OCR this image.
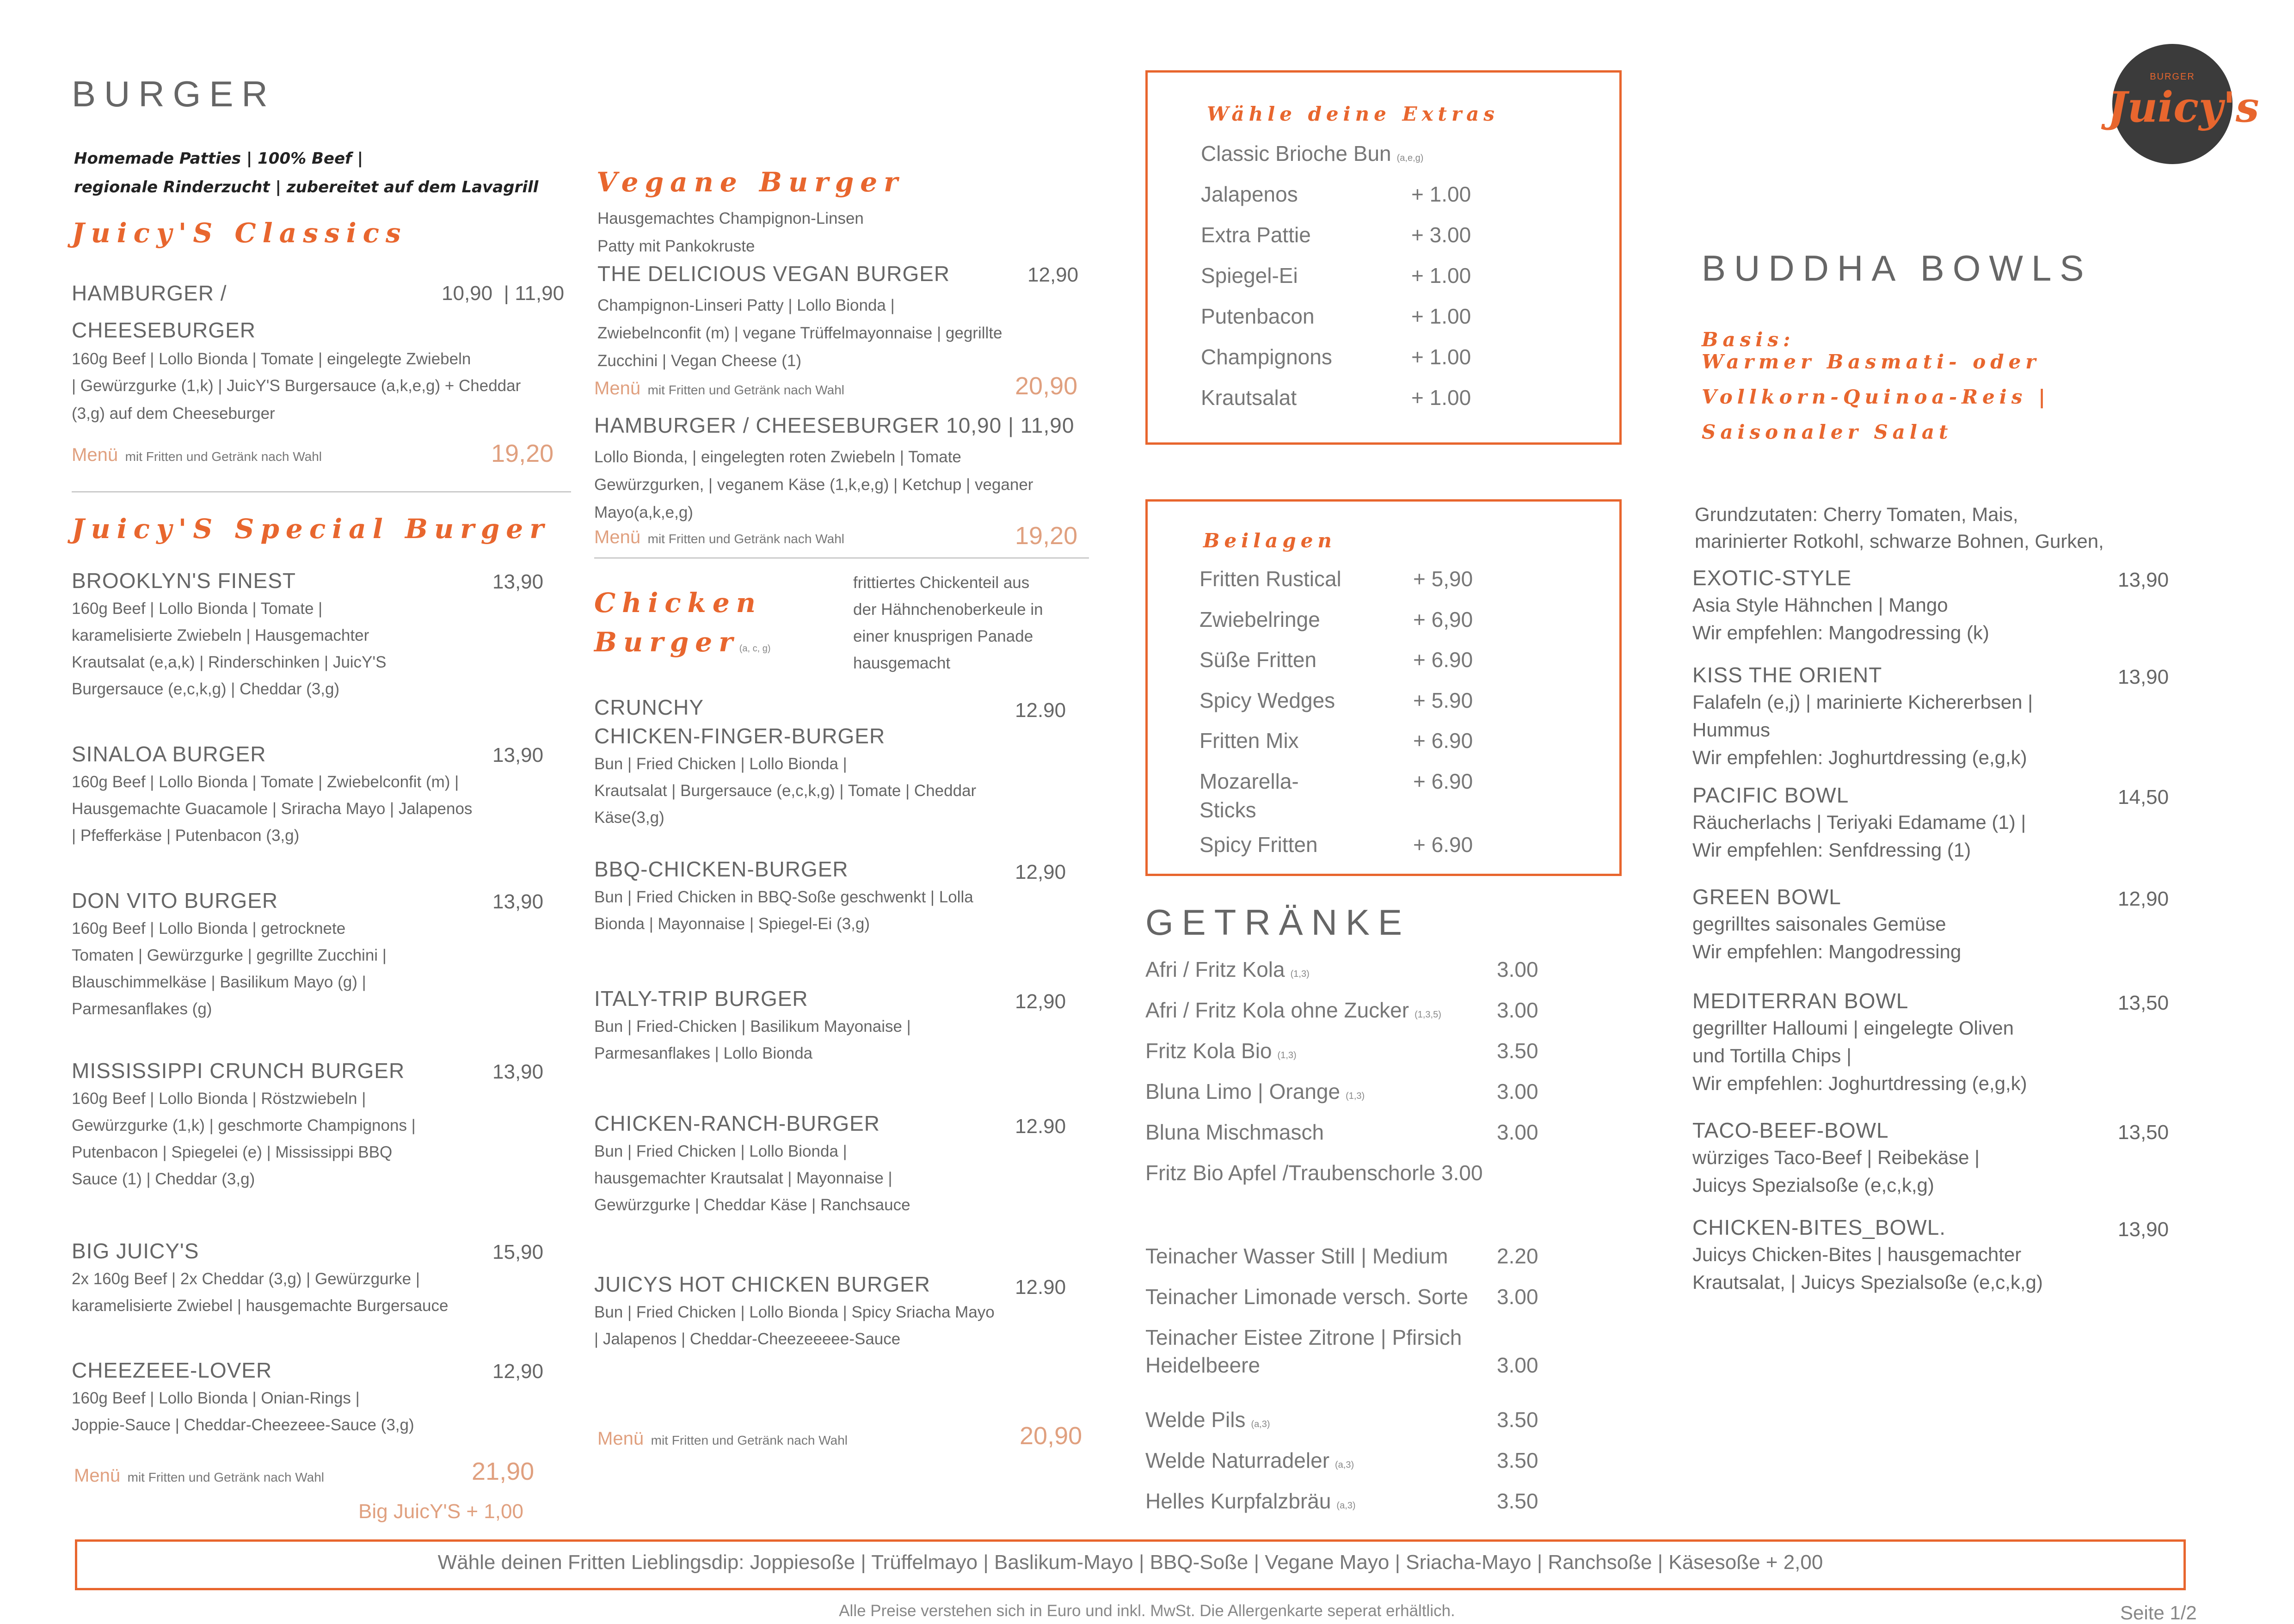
BURGER
Homemade Patties | 100% Beef |
regionale Rinderzucht | zubereitet auf dem Lavagrill
Juicy'S Classics
HAMBURGER /	10,90  | 11,90
CHEESEBURGER
160g Beef | Lollo Bionda | Tomate | eingelegte Zwiebeln
| Gewürzgurke (1,k) | JuicY'S Burgersauce (a,k,e,g) + Cheddar
(3,g) auf dem Cheeseburger
Menü mit Fritten und Getränk nach Wahl	19,20
Juicy'S Special Burger
BROOKLYN'S FINEST	13,90
160g Beef | Lollo Bionda | Tomate |
karamelisierte Zwiebeln | Hausgemachter
Krautsalat (e,a,k) | Rinderschinken | JuicY'S
Burgersauce (e,c,k,g) | Cheddar (3,g)
SINALOA BURGER	13,90
160g Beef | Lollo Bionda | Tomate | Zwiebelconfit (m) |
Hausgemachte Guacamole | Sriracha Mayo | Jalapenos
| Pfefferkäse | Putenbacon (3,g)
DON VITO BURGER	13,90
160g Beef | Lollo Bionda | getrocknete
Tomaten | Gewürzgurke | gegrillte Zucchini |
Blauschimmelkäse | Basilikum Mayo (g) |
Parmesanflakes (g)
MISSISSIPPI CRUNCH BURGER	13,90
160g Beef | Lollo Bionda | Röstzwiebeln |
Gewürzgurke (1,k) | geschmorte Champignons |
Putenbacon | Spiegelei (e) | Mississippi BBQ
Sauce (1) | Cheddar (3,g)
BIG JUICY'S	15,90
2x 160g Beef | 2x Cheddar (3,g) | Gewürzgurke |
karamelisierte Zwiebel | hausgemachte Burgersauce
CHEEZEEE-LOVER	12,90
160g Beef | Lollo Bionda | Onian-Rings |
Joppie-Sauce | Cheddar-Cheezeee-Sauce (3,g)
Menü mit Fritten und Getränk nach Wahl	21,90
Big JuicY'S + 1,00
Vegane Burger
Hausgemachtes Champignon-Linsen
Patty mit Pankokruste
THE DELICIOUS VEGAN BURGER	12,90
Champignon-Linseri Patty | Lollo Bionda |
Zwiebelnconfit (m) | vegane Trüffelmayonnaise | gegrillte
Zucchini | Vegan Cheese (1)
Menü mit Fritten und Getränk nach Wahl	20,90
HAMBURGER / CHEESEBURGER 10,90 | 11,90
Lollo Bionda, | eingelegten roten Zwiebeln | Tomate
Gewürzgurken, | veganem Käse (1,k,e,g) | Ketchup | veganer
Mayo(a,k,e,g)
Menü mit Fritten und Getränk nach Wahl	19,20
Chicken
Burger(a, c, g)
frittiertes Chickenteil aus
der Hähnchenoberkeule in
einer knusprigen Panade
hausgemacht
CRUNCHY	12.90
CHICKEN-FINGER-BURGER
Bun | Fried Chicken | Lollo Bionda |
Krautsalat | Burgersauce (e,c,k,g) | Tomate | Cheddar
Käse(3,g)
BBQ-CHICKEN-BURGER	12,90
Bun | Fried Chicken in BBQ-Soße geschwenkt | Lolla
Bionda | Mayonnaise | Spiegel-Ei (3,g)
ITALY-TRIP BURGER	12,90
Bun | Fried-Chicken | Basilikum Mayonaise |
Parmesanflakes | Lollo Bionda
CHICKEN-RANCH-BURGER	12.90
Bun | Fried Chicken | Lollo Bionda |
hausgemachter Krautsalat | Mayonnaise |
Gewürzgurke | Cheddar Käse | Ranchsauce
JUICYS HOT CHICKEN BURGER	12.90
Bun | Fried Chicken | Lollo Bionda | Spicy Sriacha Mayo
| Jalapenos | Cheddar-Cheezeeeee-Sauce
Menü mit Fritten und Getränk nach Wahl	20,90
Wähle deine Extras
Classic Brioche Bun (a,e,g)
Jalapenos	+ 1.00
Extra Pattie	+ 3.00
Spiegel-Ei	+ 1.00
Putenbacon	+ 1.00
Champignons	+ 1.00
Krautsalat	+ 1.00
Beilagen
Fritten Rustical	+ 5,90
Zwiebelringe	+ 6,90
Süße Fritten	+ 6.90
Spicy Wedges	+ 5.90
Fritten Mix	+ 6.90
Mozarella-	+ 6.90
Sticks
Spicy Fritten	+ 6.90
GETRÄNKE
Afri / Fritz Kola (1,3)	3.00
Afri / Fritz Kola ohne Zucker (1,3,5)	3.00
Fritz Kola Bio (1,3)	3.50
Bluna Limo | Orange (1,3)	3.00
Bluna Mischmasch	3.00
Fritz Bio Apfel /Traubenschorle 3.00
Teinacher Wasser Still | Medium 2.20
Teinacher Limonade versch. Sorte 3.00
Teinacher Eistee Zitrone | Pfirsich
Heidelbeere	3.00
Welde Pils (a,3)	3.50
Welde Naturradeler (a,3)	3.50
Helles Kurpfalzbräu (a,3)	3.50
BURGER
Juicy's
BUDDHA BOWLS
Basis:
Warmer Basmati- oder
Vollkorn-Quinoa-Reis |
Saisonaler Salat
Grundzutaten: Cherry Tomaten, Mais,
marinierter Rotkohl, schwarze Bohnen, Gurken,
EXOTIC-STYLE	13,90
Asia Style Hähnchen | Mango
Wir empfehlen: Mangodressing (k)
KISS THE ORIENT	13,90
Falafeln (e,j) | marinierte Kichererbsen |
Hummus
Wir empfehlen: Joghurtdressing (e,g,k)
PACIFIC BOWL	14,50
Räucherlachs | Teriyaki Edamame (1) |
Wir empfehlen: Senfdressing (1)
GREEN BOWL	12,90
gegrilltes saisonales Gemüse
Wir empfehlen: Mangodressing
MEDITERRAN BOWL	13,50
gegrillter Halloumi | eingelegte Oliven
und Tortilla Chips |
Wir empfehlen: Joghurtdressing (e,g,k)
TACO-BEEF-BOWL	13,50
würziges Taco-Beef | Reibekäse |
Juicys Spezialsoße (e,c,k,g)
CHICKEN-BITES_BOWL.	13,90
Juicys Chicken-Bites | hausgemachter
Krautsalat, | Juicys Spezialsoße (e,c,k,g)
Wähle deinen Fritten Lieblingsdip: Joppiesoße | Trüffelmayo | Baslikum-Mayo | BBQ-Soße | Vegane Mayo | Sriacha-Mayo | Ranchsoße | Käsesoße + 2,00
Alle Preise verstehen sich in Euro und inkl. MwSt. Die Allergenkarte seperat erhältlich.	Seite 1/2
